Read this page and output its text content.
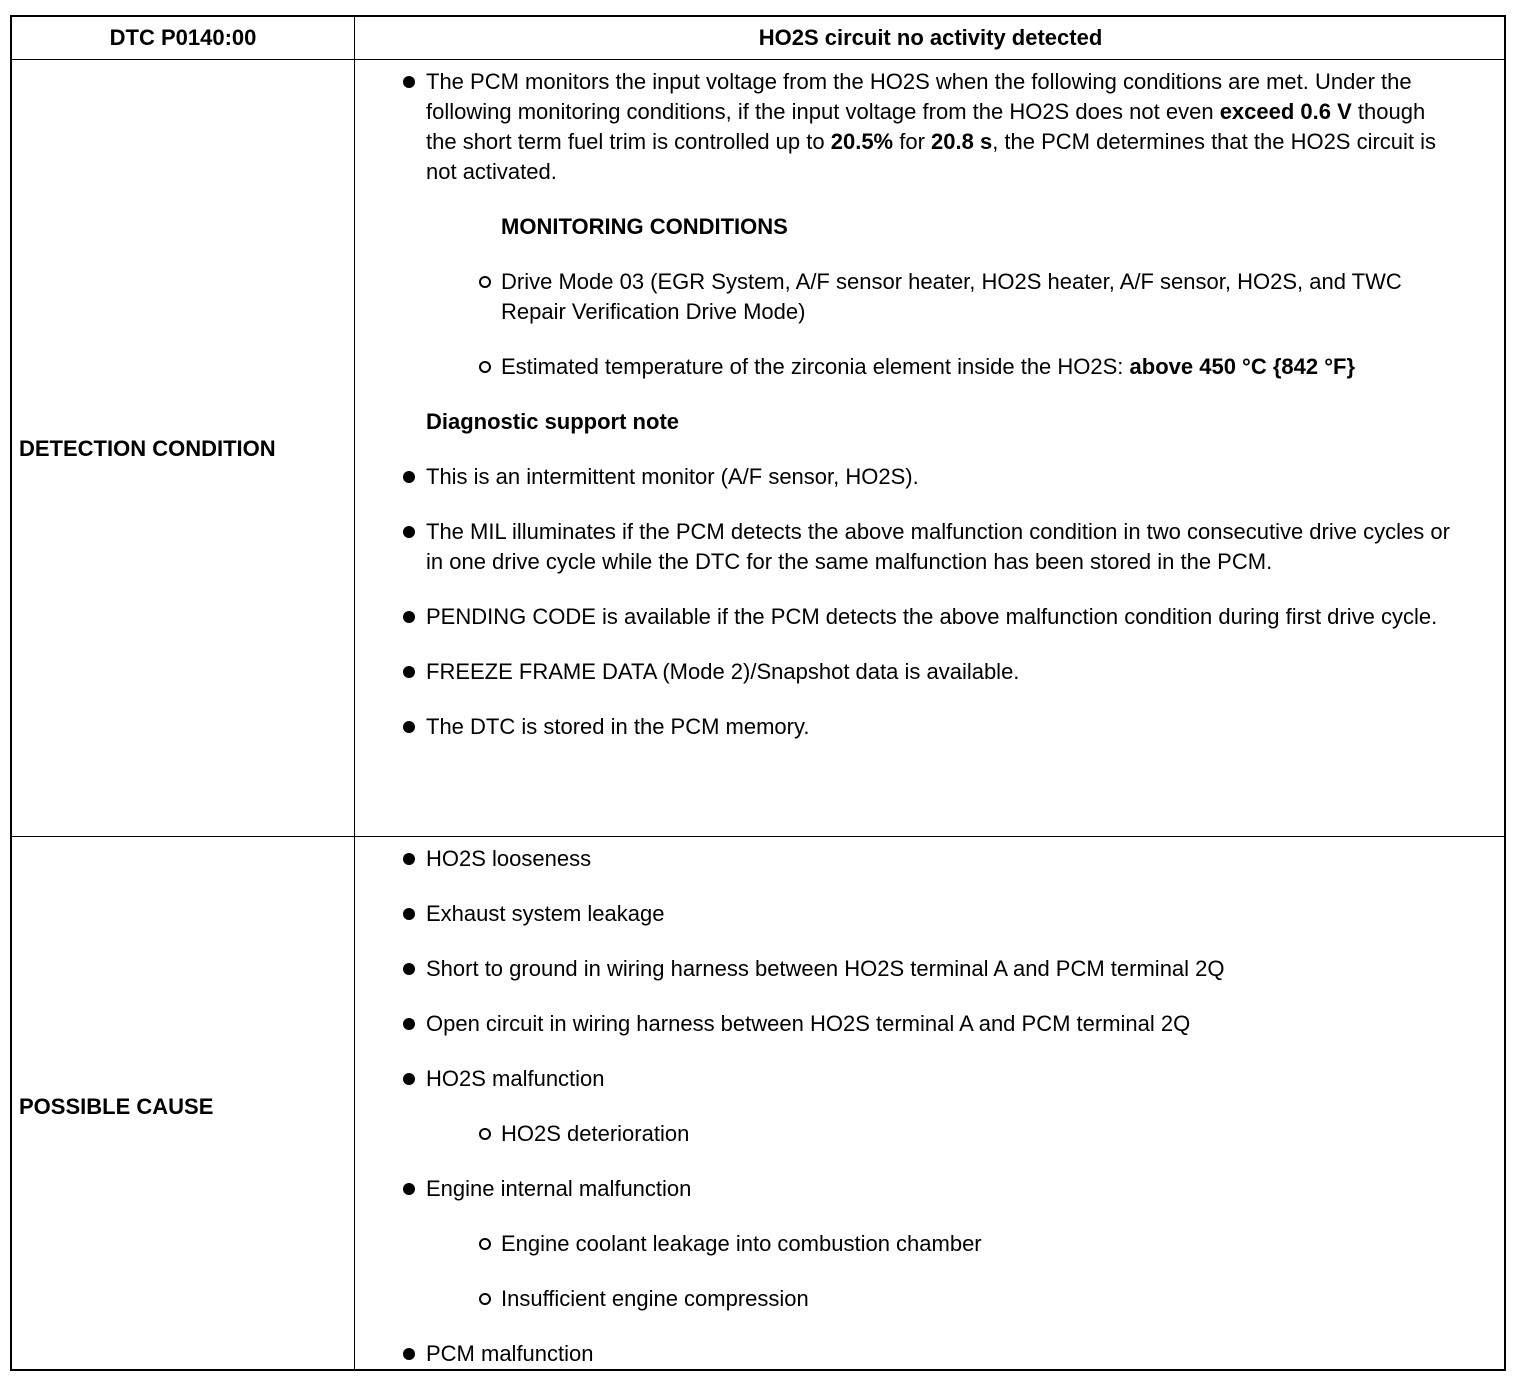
DTC P0140:00	HO2S circuit no activity detected
DETECTION CONDITION
POSSIBLE CAUSE
The PCM monitors the input voltage from the HO2S when the following conditions are met. Under the following monitoring conditions, if the input voltage from the HO2S does not even exceed 0.6 V though the short term fuel trim is controlled up to 20.5% for 20.8 s, the PCM determines that the HO2S circuit is not activated.
MONITORING CONDITIONS
Drive Mode 03 (EGR System, A/F sensor heater, HO2S heater, A/F sensor, HO2S, and TWC Repair Verification Drive Mode)
Estimated temperature of the zirconia element inside the HO2S: above 450 °C {842 °F}
Diagnostic support note
This is an intermittent monitor (A/F sensor, HO2S).
The MIL illuminates if the PCM detects the above malfunction condition in two consecutive drive cycles or in one drive cycle while the DTC for the same malfunction has been stored in the PCM.
PENDING CODE is available if the PCM detects the above malfunction condition during first drive cycle.
FREEZE FRAME DATA (Mode 2)/Snapshot data is available.
The DTC is stored in the PCM memory.
HO2S looseness
Exhaust system leakage
Short to ground in wiring harness between HO2S terminal A and PCM terminal 2Q
Open circuit in wiring harness between HO2S terminal A and PCM terminal 2Q
HO2S malfunction
HO2S deterioration
Engine internal malfunction
Engine coolant leakage into combustion chamber
Insufficient engine compression
PCM malfunction
